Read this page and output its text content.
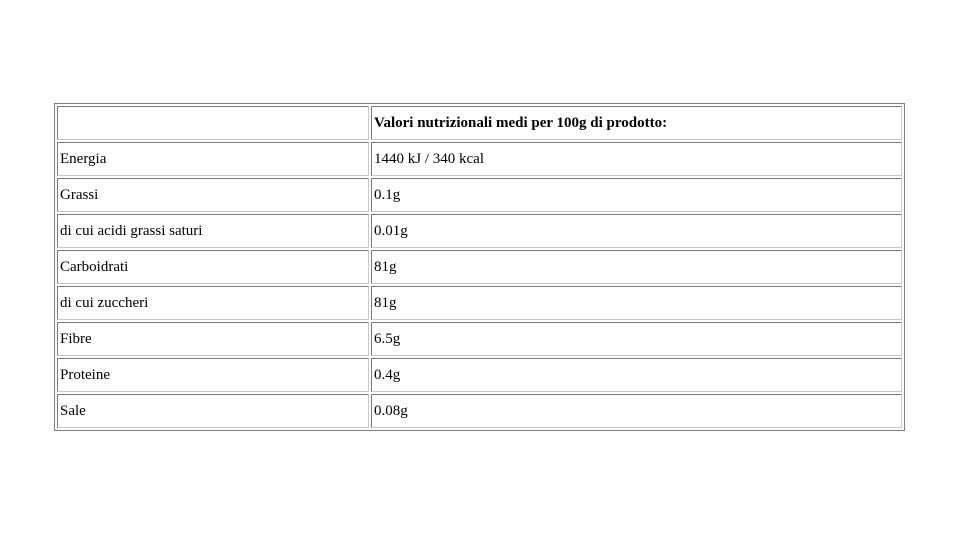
	Valori nutrizionali medi per 100g di prodotto:
Energia	1440 kJ / 340 kcal
Grassi	0.1g
di cui acidi grassi saturi	0.01g
Carboidrati	81g
di cui zuccheri	81g
Fibre	6.5g
Proteine	0.4g
Sale	0.08g
